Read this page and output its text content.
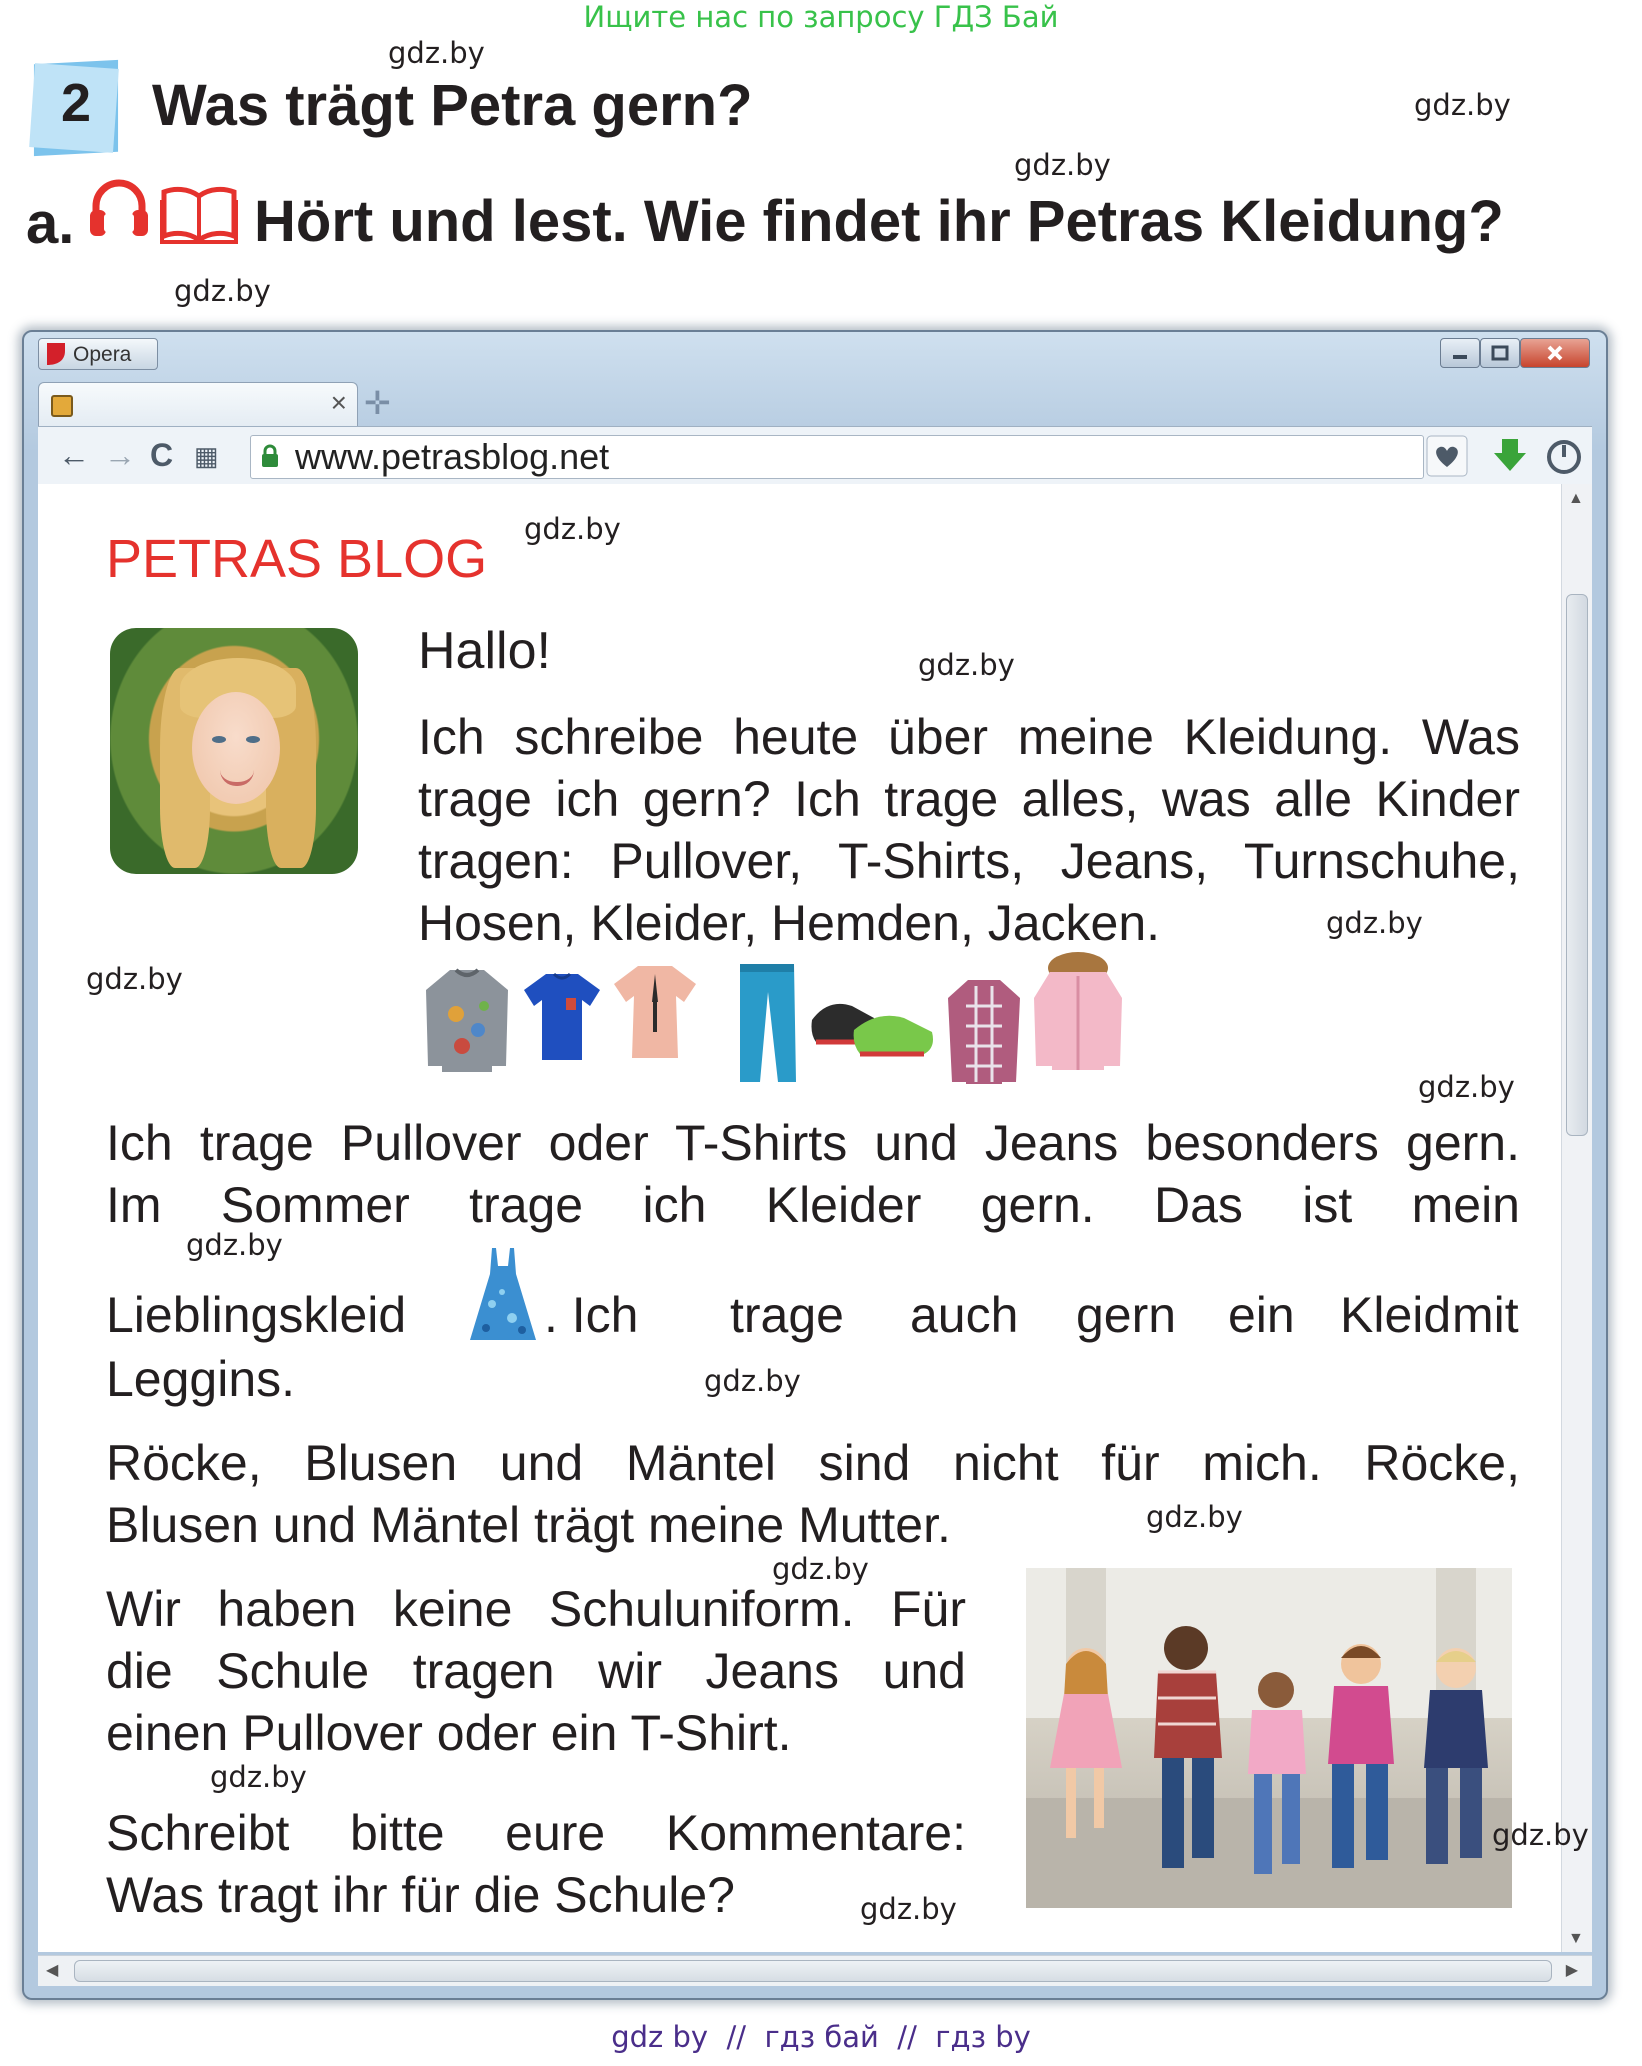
Ищите нас по запросу ГДЗ Бай
2	Was trägt Petra gern?
a.	Hört und lest. Wie findet ihr Petras Kleidung?
Opera
× ✛
← → C ▦ www.petrasblog.net
▲
▼
◀	▶
PETRAS BLOG
Hallo!
Ich schreibe heute über meine Kleidung. Was
trage ich gern? Ich trage alles, was alle Kinder
tragen: Pullover, T-Shirts, Jeans, Turnschuhe,
Hosen, Kleider, Hemden, Jacken.
Ich trage Pullover oder T-Shirts und Jeans besonders gern.
Im Sommer trage ich Kleider gern. Das ist mein
Lieblingskleid	. Ich trage auch gern ein Kleid mit
Leggins.
Röcke, Blusen und Mäntel sind nicht für mich. Röcke,
Blusen und Mäntel trägt meine Mutter.
Wir haben keine Schuluniform. Für
die Schule tragen wir Jeans und
einen Pullover oder ein T-Shirt.
Schreibt bitte eure Kommentare:
Was tragt ihr für die Schule?
gdz.by
gdz.by
gdz.by
gdz.by
gdz.by
gdz.by
gdz.by
gdz.by
gdz.by
gdz.by
gdz.by
gdz.by
gdz.by
gdz.by
gdz.by
gdz.by
gdz by  //  гдз бай  //  гдз by
